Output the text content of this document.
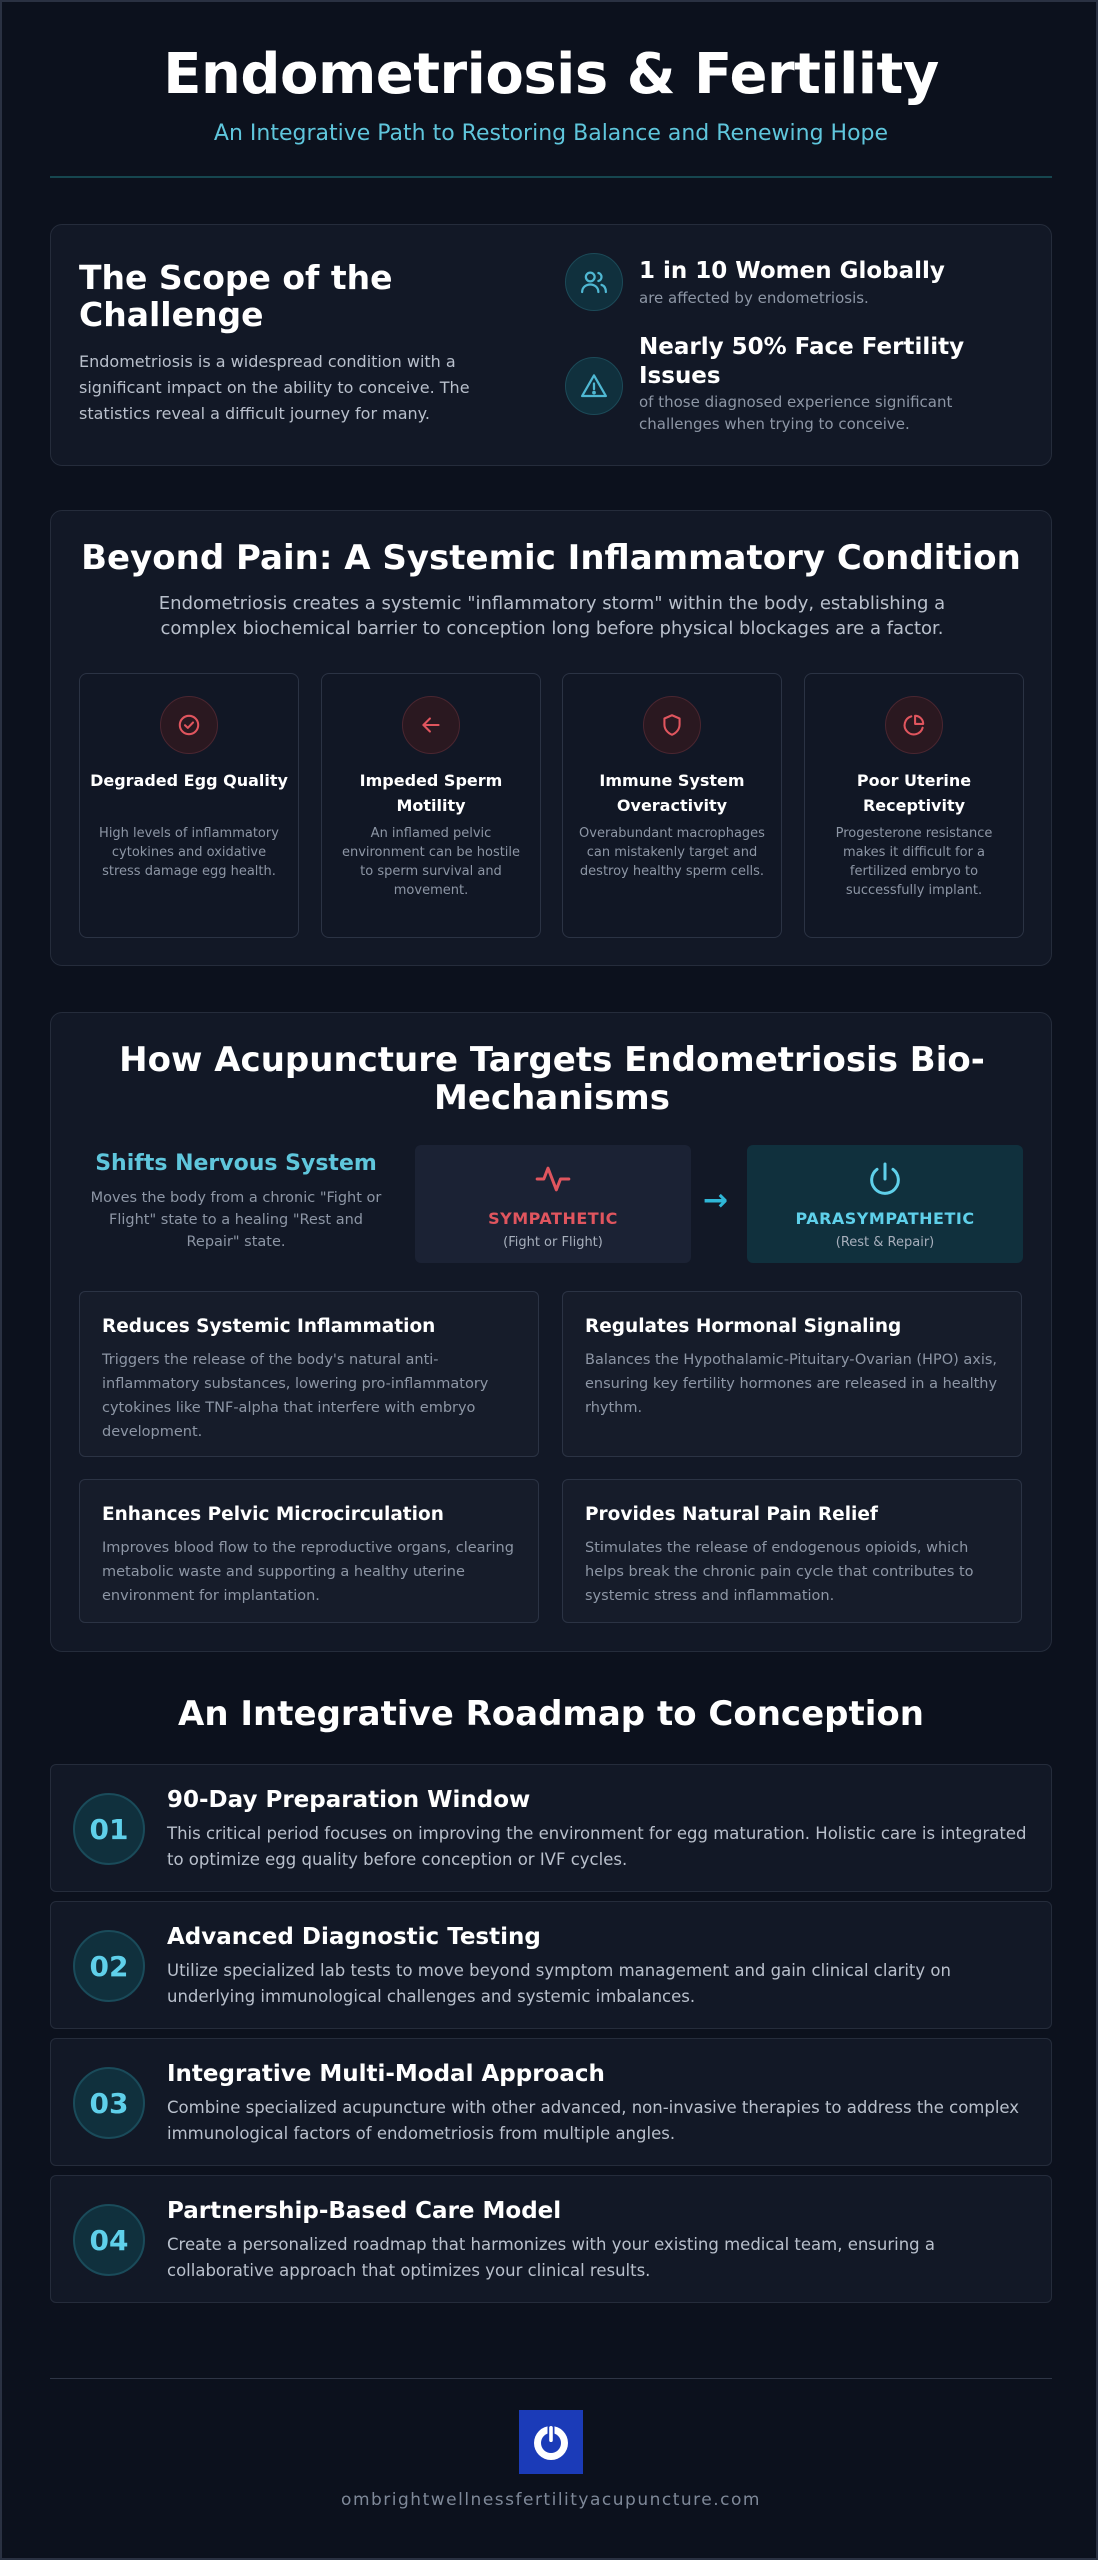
Endometriosis & Fertility
An Integrative Path to Restoring Balance and Renewing Hope
The Scope of the Challenge
Endometriosis is a widespread condition with a significant impact on the ability to conceive. The statistics reveal a difficult journey for many.
1 in 10 Women Globally
are affected by endometriosis.
Nearly 50% Face Fertility Issues
of those diagnosed experience significant challenges when trying to conceive.
Beyond Pain: A Systemic Inflammatory Condition
Endometriosis creates a systemic "inflammatory storm" within the body, establishing a complex biochemical barrier to conception long before physical blockages are a factor.
Degraded Egg Quality
High levels of inflammatory cytokines and oxidative stress damage egg health.
Impeded Sperm Motility
An inflamed pelvic environment can be hostile to sperm survival and movement.
Immune System Overactivity
Overabundant macrophages can mistakenly target and destroy healthy sperm cells.
Poor Uterine Receptivity
Progesterone resistance makes it difficult for a fertilized embryo to successfully implant.
How Acupuncture Targets Endometriosis Bio-Mechanisms
Shifts Nervous System
Moves the body from a chronic "Fight or Flight" state to a healing "Rest and Repair" state.
SYMPATHETIC
(Fight or Flight)
→
PARASYMPATHETIC
(Rest & Repair)
Reduces Systemic Inflammation
Triggers the release of the body's natural anti-inflammatory substances, lowering pro-inflammatory cytokines like TNF-alpha that interfere with embryo development.
Regulates Hormonal Signaling
Balances the Hypothalamic-Pituitary-Ovarian (HPO) axis, ensuring key fertility hormones are released in a healthy rhythm.
Enhances Pelvic Microcirculation
Improves blood flow to the reproductive organs, clearing metabolic waste and supporting a healthy uterine environment for implantation.
Provides Natural Pain Relief
Stimulates the release of endogenous opioids, which helps break the chronic pain cycle that contributes to systemic stress and inflammation.
An Integrative Roadmap to Conception
01
90-Day Preparation Window
This critical period focuses on improving the environment for egg maturation. Holistic care is integrated to optimize egg quality before conception or IVF cycles.
02
Advanced Diagnostic Testing
Utilize specialized lab tests to move beyond symptom management and gain clinical clarity on underlying immunological challenges and systemic imbalances.
03
Integrative Multi-Modal Approach
Combine specialized acupuncture with other advanced, non-invasive therapies to address the complex immunological factors of endometriosis from multiple angles.
04
Partnership-Based Care Model
Create a personalized roadmap that harmonizes with your existing medical team, ensuring a collaborative approach that optimizes your clinical results.
ombrightwellnessfertilityacupuncture.com
